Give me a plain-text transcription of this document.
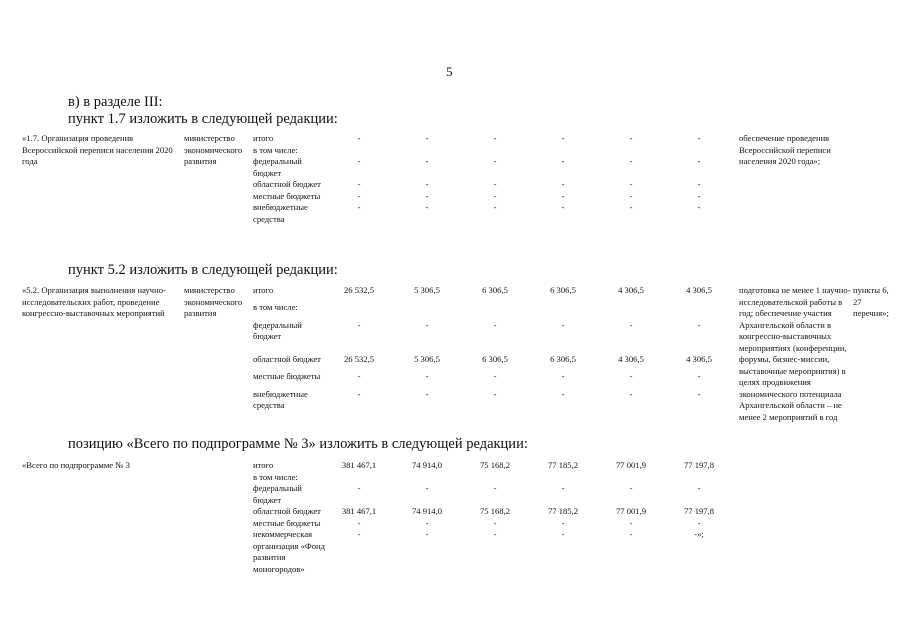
5
в) в разделе III:
пункт 1.7 изложить в следующей редакции:
«1.7. Организация проведения Всероссийской переписи населения 2020 года	министерство экономического развития	итого	-	-	-	-	-	-	обеспечение проведения Всероссийской переписи населения 2020 года»;	
		в том числе:								
		федеральный бюджет	-	-	-	-	-	-		
		областной бюджет	-	-	-	-	-	-		
		местные бюджеты	-	-	-	-	-	-		
		внебюджетные средства	-	-	-	-	-	-		
пункт 5.2 изложить в следующей редакции:
«5.2. Организация выполнения научно-исследовательских работ, проведение конгрессно-выставочных мероприятий	министерство экономического развития	итого	26 532,5	5 306,5	6 306,5	6 306,5	4 306,5	4 306,5	подготовка не менее 1 научно-исследовательской работы в год; обеспечение участия Архангельской области в конгрессно-выставочных мероприятиях (конференции, форумы, бизнес-миссии, выставочные мероприятия) в целях продвижения экономического потенциала Архангельской области – не менее 2 мероприятий в год	пункты 6, 27 перечня»;
		в том числе:								
		федеральный бюджет	-	-	-	-	-	-		
		областной бюджет	26 532,5	5 306,5	6 306,5	6 306,5	4 306,5	4 306,5		
		местные бюджеты	-	-	-	-	-	-		
		внебюджетные средства	-	-	-	-	-	-		
позицию «Всего по подпрограмме № 3» изложить в следующей редакции:
«Всего по подпрограмме № 3		итого	381 467,1	74 914,0	75 168,2	77 185,2	77 001,9	77 197,8		
		в том числе:								
		федеральный бюджет	-	-	-	-	-	-		
		областной бюджет	381 467,1	74 914,0	75 168,2	77 185,2	77 001,9	77 197,8		
		местные бюджеты	-	-	-	-	-	-		
		некоммерческая организация «Фонд развития моногородов»	-	-	-	-	-	-»;		
